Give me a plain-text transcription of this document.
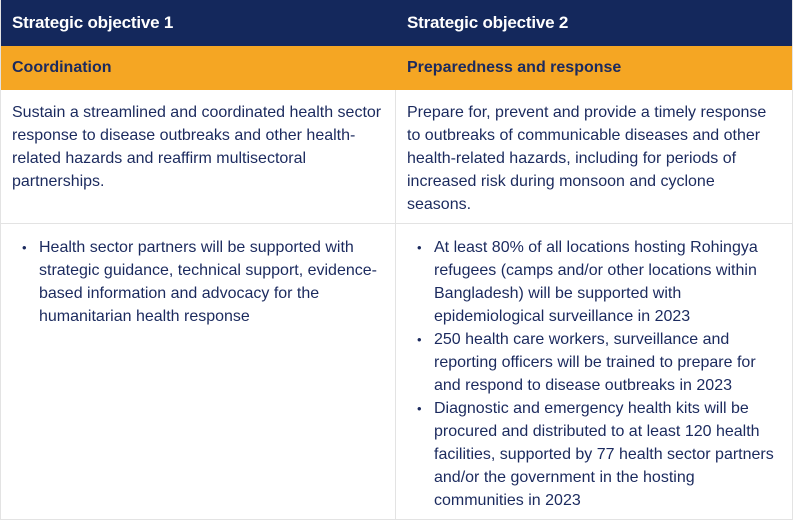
Strategic objective 1	Strategic objective 2
Coordination	Preparedness and response
Sustain a streamlined and coordinated health sector response to disease outbreaks and other health-related hazards and reaffirm multisectoral partnerships.
Prepare for, prevent and provide a timely response to outbreaks of communicable diseases and other health-related hazards, including for periods of increased risk during monsoon and cyclone seasons.
• Health sector partners will be supported with strategic guidance, technical support, evidence-based information and advocacy for the humanitarian health response
• At least 80% of all locations hosting Rohingya refugees (camps and/or other locations within Bangladesh) will be supported with epidemiological surveillance in 2023
• 250 health care workers, surveillance and reporting officers will be trained to prepare for and respond to disease outbreaks in 2023
• Diagnostic and emergency health kits will be procured and distributed to at least 120 health facilities, supported by 77 health sector partners and/or the government in the hosting communities in 2023
